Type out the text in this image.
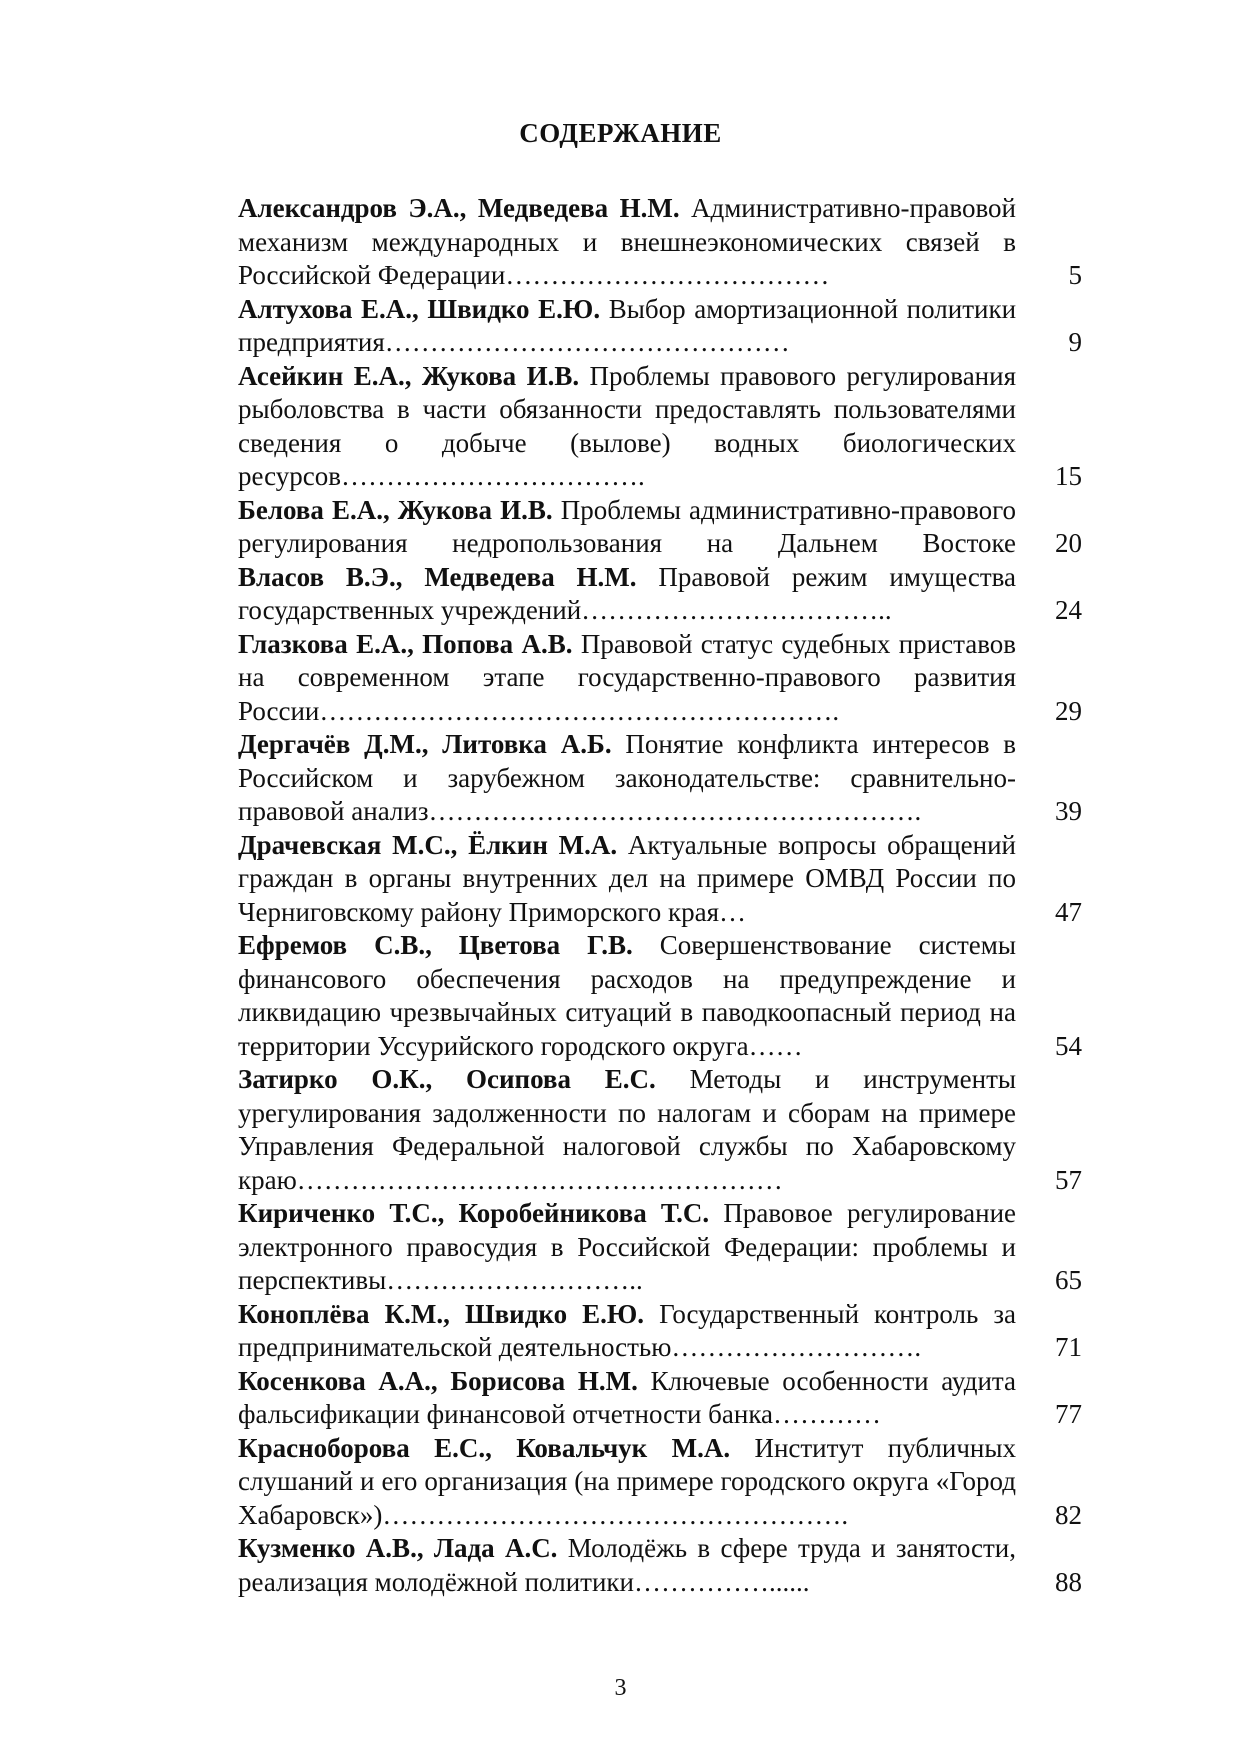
СОДЕРЖАНИЕ
Александров Э.А., Медведева Н.М. Административно-правовой механизм международных и внешнеэкономических связей в Российской Федерации………………………………	5
Алтухова Е.А., Швидко Е.Ю. Выбор амортизационной политики предприятия………………………………………	9
Асейкин Е.А., Жукова И.В. Проблемы правового регулирования рыболовства в части обязанности предоставлять пользователями сведения о добыче (вылове) водных биологических ресурсов…………………………….	15
Белова Е.А., Жукова И.В. Проблемы административно-правового регулирования недропользования на Дальнем Востоке	20
Власов В.Э., Медведева Н.М. Правовой режим имущества государственных учреждений……………………………..	24
Глазкова Е.А., Попова А.В. Правовой статус судебных приставов на современном этапе государственно-правового развития России………………………………………………….	29
Дергачёв Д.М., Литовка А.Б. Понятие конфликта интересов в Российском и зарубежном законодательстве: сравнительно-правовой анализ……………………………………………….	39
Драчевская М.С., Ёлкин М.А. Актуальные вопросы обращений граждан в органы внутренних дел на примере ОМВД России по Черниговскому району Приморского края…	47
Ефремов С.В., Цветова Г.В. Совершенствование системы финансового обеспечения расходов на предупреждение и ликвидацию чрезвычайных ситуаций в паводкоопасный период на территории Уссурийского городского округа……	54
Затирко О.К., Осипова Е.С. Методы и инструменты урегулирования задолженности по налогам и сборам на примере Управления Федеральной налоговой службы по Хабаровскому краю………………………………………………	57
Кириченко Т.С., Коробейникова Т.С. Правовое регулирование электронного правосудия в Российской Федерации: проблемы и перспективы………………………..	65
Коноплёва К.М., Швидко Е.Ю. Государственный контроль за предпринимательской деятельностью……………………….	71
Косенкова А.А., Борисова Н.М. Ключевые особенности аудита фальсификации финансовой отчетности банка…………	77
Красноборова Е.С., Ковальчук М.А. Институт публичных слушаний и его организация (на примере городского округа «Город Хабаровск»)…………………………………………….	82
Кузменко А.В., Лада А.С. Молодёжь в сфере труда и занятости, реализация молодёжной политики……………......	88
3
